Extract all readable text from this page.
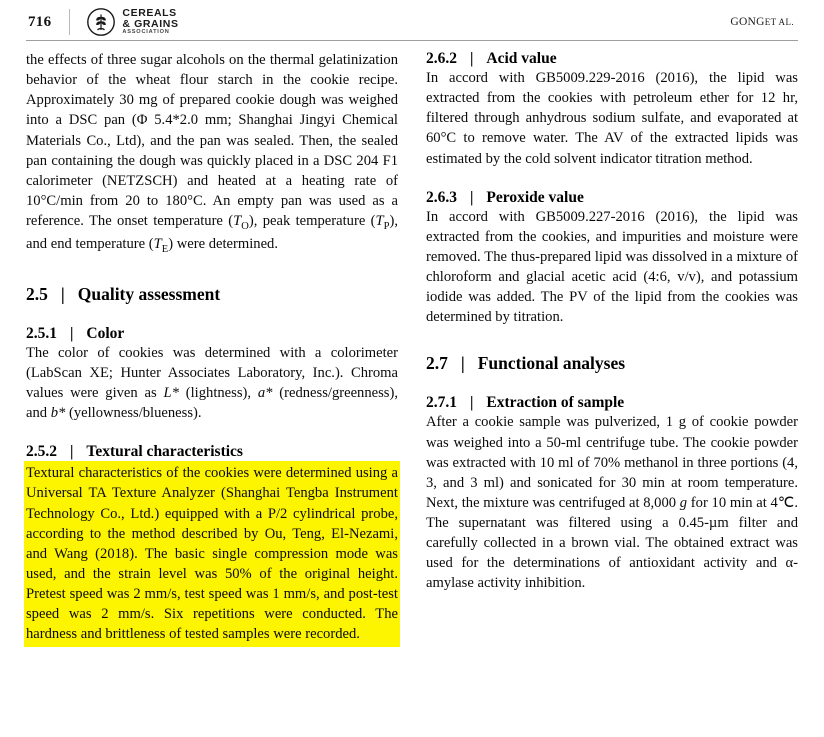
716
CEREALS
& GRAINS
ASSOCIATION
GONGET AL.

the effects of three sugar alcohols on the thermal gelatinization behavior of the wheat flour starch in the cookie recipe. Approximately 30 mg of prepared cookie dough was weighed into a DSC pan (Φ 5.4*2.0 mm; Shanghai Jingyi Chemical Materials Co., Ltd), and the pan was sealed. Then, the sealed pan containing the dough was quickly placed in a DSC 204 F1 calorimeter (NETZSCH) and heated at a heating rate of 10°C/min from 20 to 180°C. An empty pan was used as a reference. The onset temperature $(T_O)$, peak temperature $(T_P)$, and end temperature $(T_E)$ were determined.

2.5 | Quality assessment
2.5.1 | Color

The color of cookies was determined with a colorimeter (LabScan XE; Hunter Associates Laboratory, Inc.). Chroma values were given as L* (lightness), a* (redness/greenness), and b* (yellowness/blueness).

2.5.2 | Textural characteristics

Textural characteristics of the cookies were determined using a Universal TA Texture Analyzer (Shanghai Tengba Instrument Technology Co., Ltd.) equipped with a P/2 cylindrical probe, according to the method described by Ou, Teng, El-Nezami, and Wang (2018). The basic single compression mode was used, and the strain level was 50% of the original height. Pretest speed was 2 mm/s, test speed was 1 mm/s, and post-test speed was 2 mm/s. Six repetitions were conducted. The hardness and brittleness of tested samples were recorded.

2.6.2 | Acid value

In accord with GB5009.229-2016 (2016), the lipid was extracted from the cookies with petroleum ether for 12 hr, filtered through anhydrous sodium sulfate, and evaporated at 60°C to remove water. The AV of the extracted lipids was estimated by the cold solvent indicator titration method.

2.6.3 | Peroxide value

In accord with GB5009.227-2016 (2016), the lipid was extracted from the cookies, and impurities and moisture were removed. The thus-prepared lipid was dissolved in a mixture of chloroform and glacial acetic acid (4:6, v/v), and potassium iodide was added. The PV of the lipid from the cookies was determined by titration.

2.7 | Functional analyses
2.7.1 | Extraction of sample

After a cookie sample was pulverized, 1 g of cookie powder was weighed into a 50-ml centrifuge tube. The cookie powder was extracted with 10 ml of 70% methanol in three portions (4, 3, and 3 ml) and sonicated for 30 min at room temperature. Next, the mixture was centrifuged at 8,000 g for 10 min at 4℃. The supernatant was filtered using a 0.45-µm filter and carefully collected in a brown vial. The obtained extract was used for the determinations of antioxidant activity and α-amylase activity inhibition.
